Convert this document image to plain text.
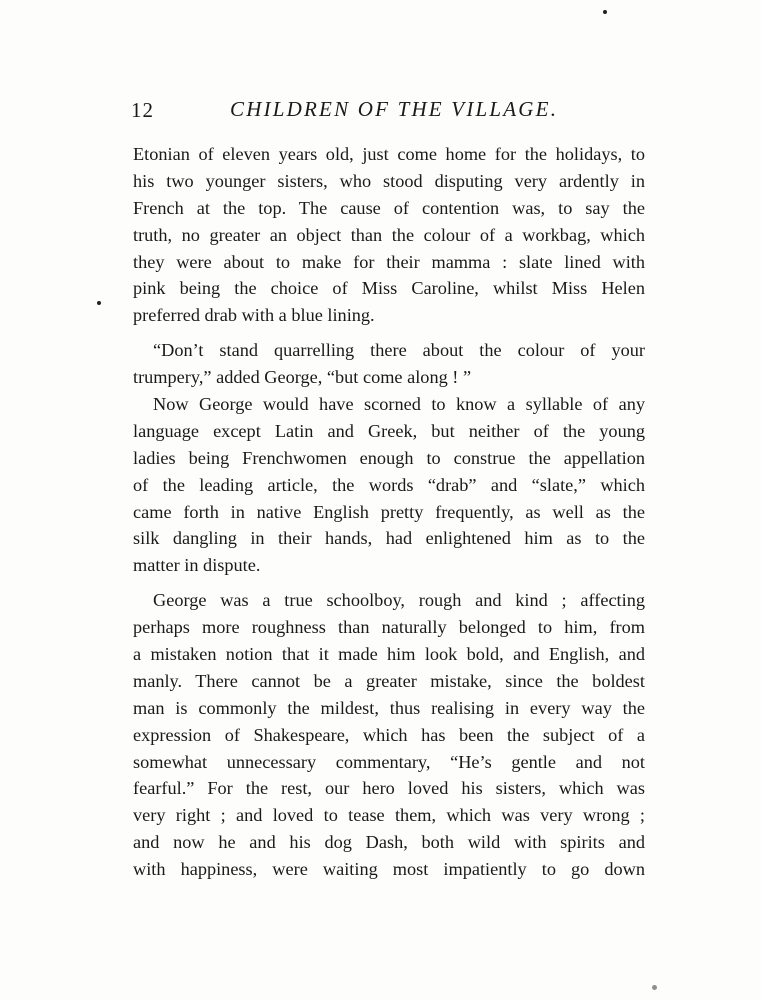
12	CHILDREN OF THE VILLAGE.
Etonian of eleven years old, just come home for the holidays, to
his two younger sisters, who stood disputing very ardently in
French at the top. The cause of contention was, to say the
truth, no greater an object than the colour of a workbag, which
they were about to make for their mamma : slate lined with
pink being the choice of Miss Caroline, whilst Miss Helen
preferred drab with a blue lining.
“Don’t stand quarrelling there about the colour of your
trumpery,” added George, “but come along ! ”
Now George would have scorned to know a syllable of any
language except Latin and Greek, but neither of the young
ladies being Frenchwomen enough to construe the appellation
of the leading article, the words “drab” and “slate,” which
came forth in native English pretty frequently, as well as the
silk dangling in their hands, had enlightened him as to the
matter in dispute.
George was a true schoolboy, rough and kind ; affecting
perhaps more roughness than naturally belonged to him, from
a mistaken notion that it made him look bold, and English, and
manly. There cannot be a greater mistake, since the boldest
man is commonly the mildest, thus realising in every way the
expression of Shakespeare, which has been the subject of a
somewhat unnecessary commentary, “He’s gentle and not
fearful.” For the rest, our hero loved his sisters, which was
very right ; and loved to tease them, which was very wrong ;
and now he and his dog Dash, both wild with spirits and
with happiness, were waiting most impatiently to go down
